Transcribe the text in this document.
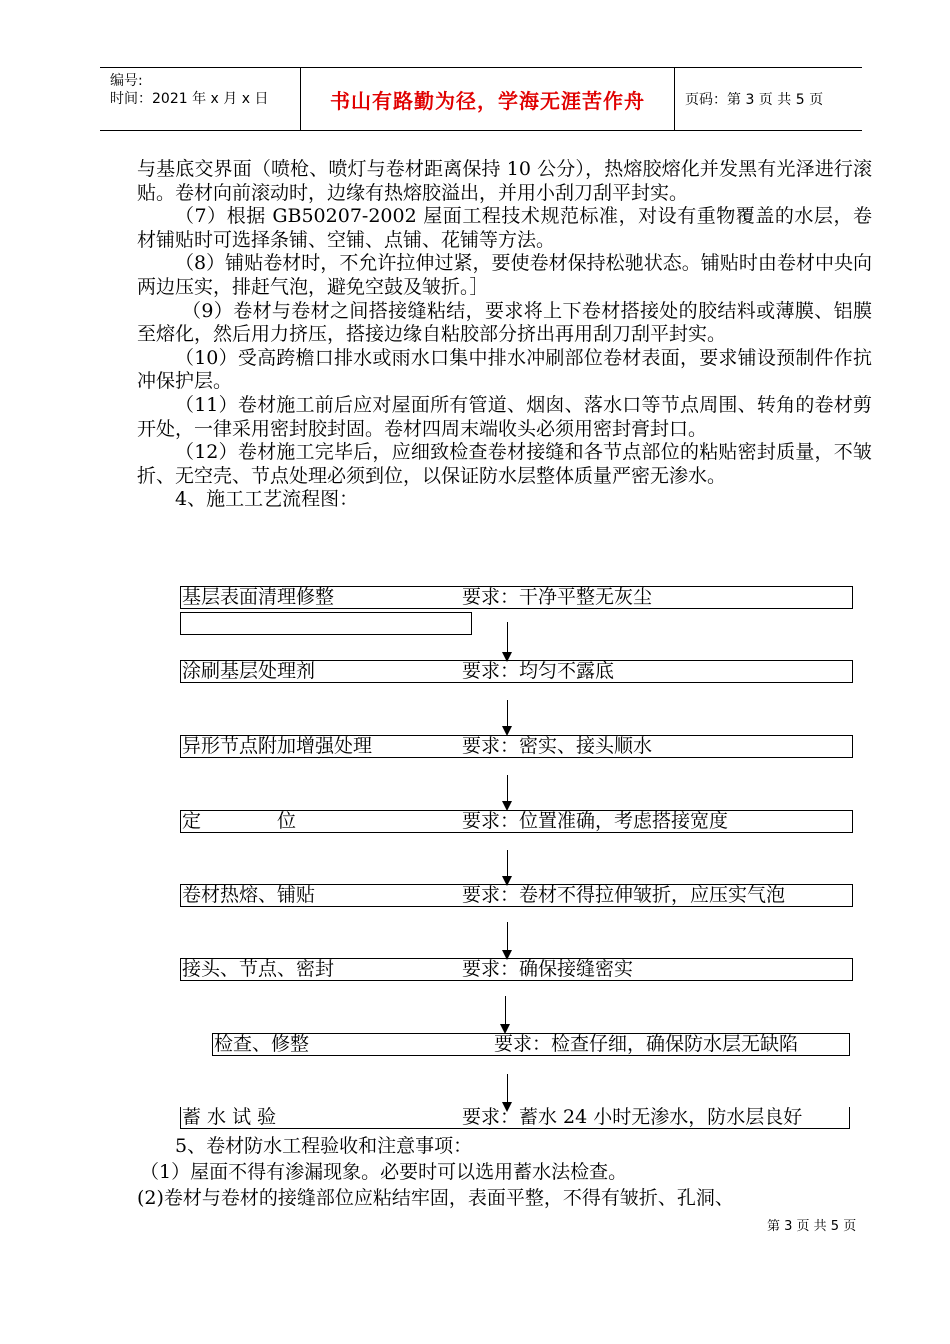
编号:
时间：2021 年 x 月 x 日	书山有路勤为径，学海无涯苦作舟	页码：第 3 页 共 5 页

与基底交界面（喷枪、喷灯与卷材距离保持 10 公分），热熔胶熔化并发黑有光泽进行滚贴。卷材向前滚动时，边缘有热熔胶溢出，并用小刮刀刮平封实。

（7）根据 GB50207-2002 屋面工程技术规范标准，对设有重物覆盖的水层，卷材铺贴时可选择条铺、空铺、点铺、花铺等方法。

（8）铺贴卷材时，不允许拉伸过紧，要使卷材保持松驰状态。铺贴时由卷材中央向两边压实，排赶气泡，避免空鼓及皱折。］

（9）卷材与卷材之间搭接缝粘结，要求将上下卷材搭接处的胶结料或薄膜、铝膜至熔化，然后用力挤压，搭接边缘自粘胶部分挤出再用刮刀刮平封实。

（10）受高跨檐口排水或雨水口集中排水冲刷部位卷材表面，要求铺设预制件作抗冲保护层。

（11）卷材施工前后应对屋面所有管道、烟囱、落水口等节点周围、转角的卷材剪开处，一律采用密封胶封固。卷材四周末端收头必须用密封膏封口。

（12）卷材施工完毕后，应细致检查卷材接缝和各节点部位的粘贴密封质量，不皱折、无空壳、节点处理必须到位，以保证防水层整体质量严密无渗水。

4、施工工艺流程图：

基层表面清理修整	要求：干净平整无灰尘
涂刷基层处理剂	要求：均匀不露底
异形节点附加增强处理	要求：密实、接头顺水
定　　　　位	要求：位置准确，考虑搭接宽度
卷材热熔、铺贴	要求：卷材不得拉伸皱折，应压实气泡
接头、节点、密封	要求：确保接缝密实
检查、修整	要求：检查仔细，确保防水层无缺陷
蓄 水 试 验	要求：蓄水 24 小时无渗水，防水层良好

5、卷材防水工程验收和注意事项：

（1）屋面不得有渗漏现象。必要时可以选用蓄水法检查。

(2)卷材与卷材的接缝部位应粘结牢固，表面平整，不得有皱折、孔洞、

第 3 页 共 5 页
